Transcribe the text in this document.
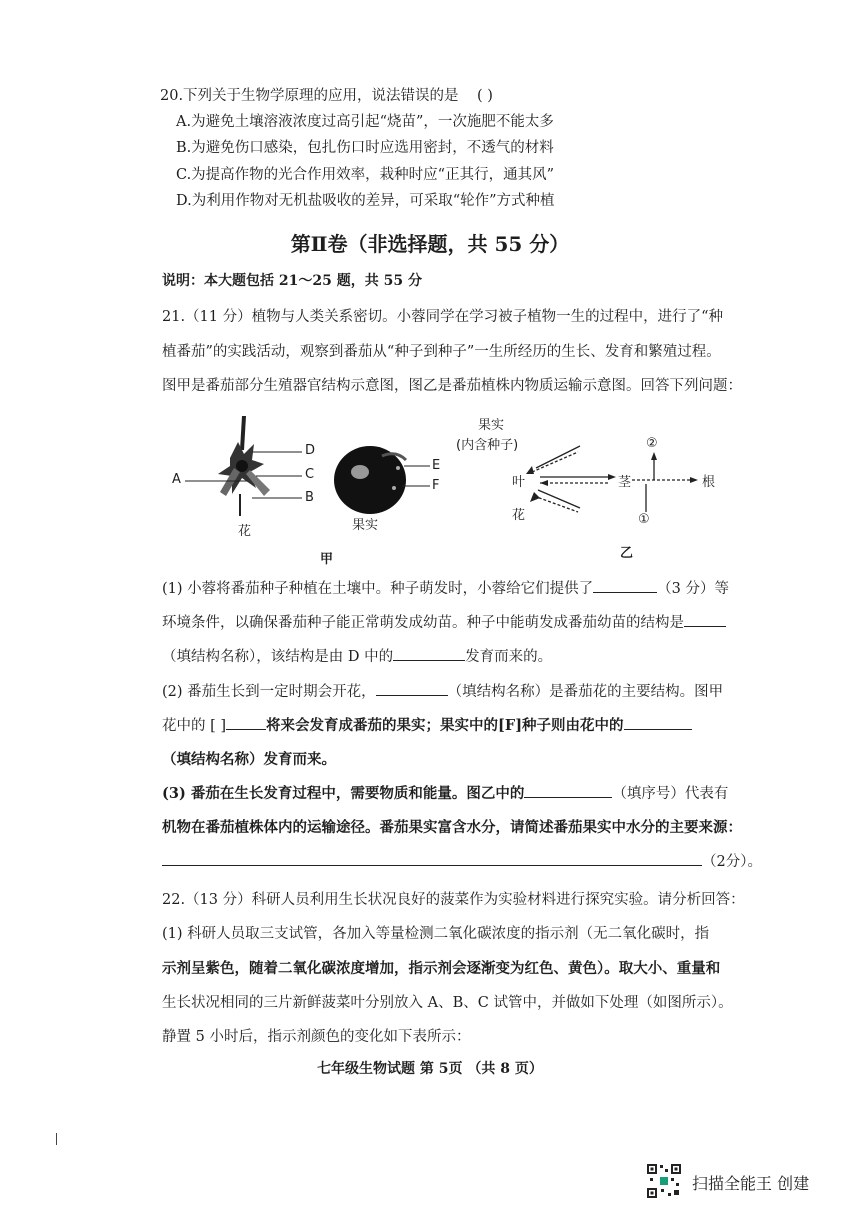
20.下列关于生物学原理的应用，说法错误的是 ( )
A.为避免土壤溶液浓度过高引起“烧苗”，一次施肥不能太多
B.为避免伤口感染，包扎伤口时应选用密封，不透气的材料
C.为提高作物的光合作用效率，栽种时应“正其行，通其风”
D.为利用作物对无机盐吸收的差异，可采取“轮作”方式种植
第Ⅱ卷（非选择题，共 55 分）
说明：本大题包括 21～25 题，共 55 分
21.（11 分）植物与人类关系密切。小蓉同学在学习被子植物一生的过程中，进行了“种
植番茄”的实践活动，观察到番茄从“种子到种子”一生所经历的生长、发育和繁殖过程。
图甲是番茄部分生殖器官结构示意图，图乙是番茄植株内物质运输示意图。回答下列问题：
A
D
C
B
花
E
F
果实
甲
果实
(内含种子)
叶	茎	根
花
②
①
乙
(1) 小蓉将番茄种子种植在土壤中。种子萌发时，小蓉给它们提供了	（3 分）等
环境条件，以确保番茄种子能正常萌发成幼苗。种子中能萌发成番茄幼苗的结构是
（填结构名称），该结构是由 D 中的	发育而来的。
(2) 番茄生长到一定时期会开花，	（填结构名称）是番茄花的主要结构。图甲
花中的 [ ]	将来会发育成番茄的果实；果实中的[F]种子则由花中的
（填结构名称）发育而来。
(3) 番茄在生长发育过程中，需要物质和能量。图乙中的	（填序号）代表有
机物在番茄植株体内的运输途径。番茄果实富含水分，请简述番茄果实中水分的主要来源：
（2分）。
22.（13 分）科研人员利用生长状况良好的菠菜作为实验材料进行探究实验。请分析回答：
(1) 科研人员取三支试管，各加入等量检测二氧化碳浓度的指示剂（无二氧化碳时，指
示剂呈紫色，随着二氧化碳浓度增加，指示剂会逐渐变为红色、黄色）。取大小、重量和
生长状况相同的三片新鲜菠菜叶分别放入 A、B、C 试管中，并做如下处理（如图所示）。
静置 5 小时后，指示剂颜色的变化如下表所示：
七年级生物试题 第 5页 （共 8 页）
扫描全能王 创建
